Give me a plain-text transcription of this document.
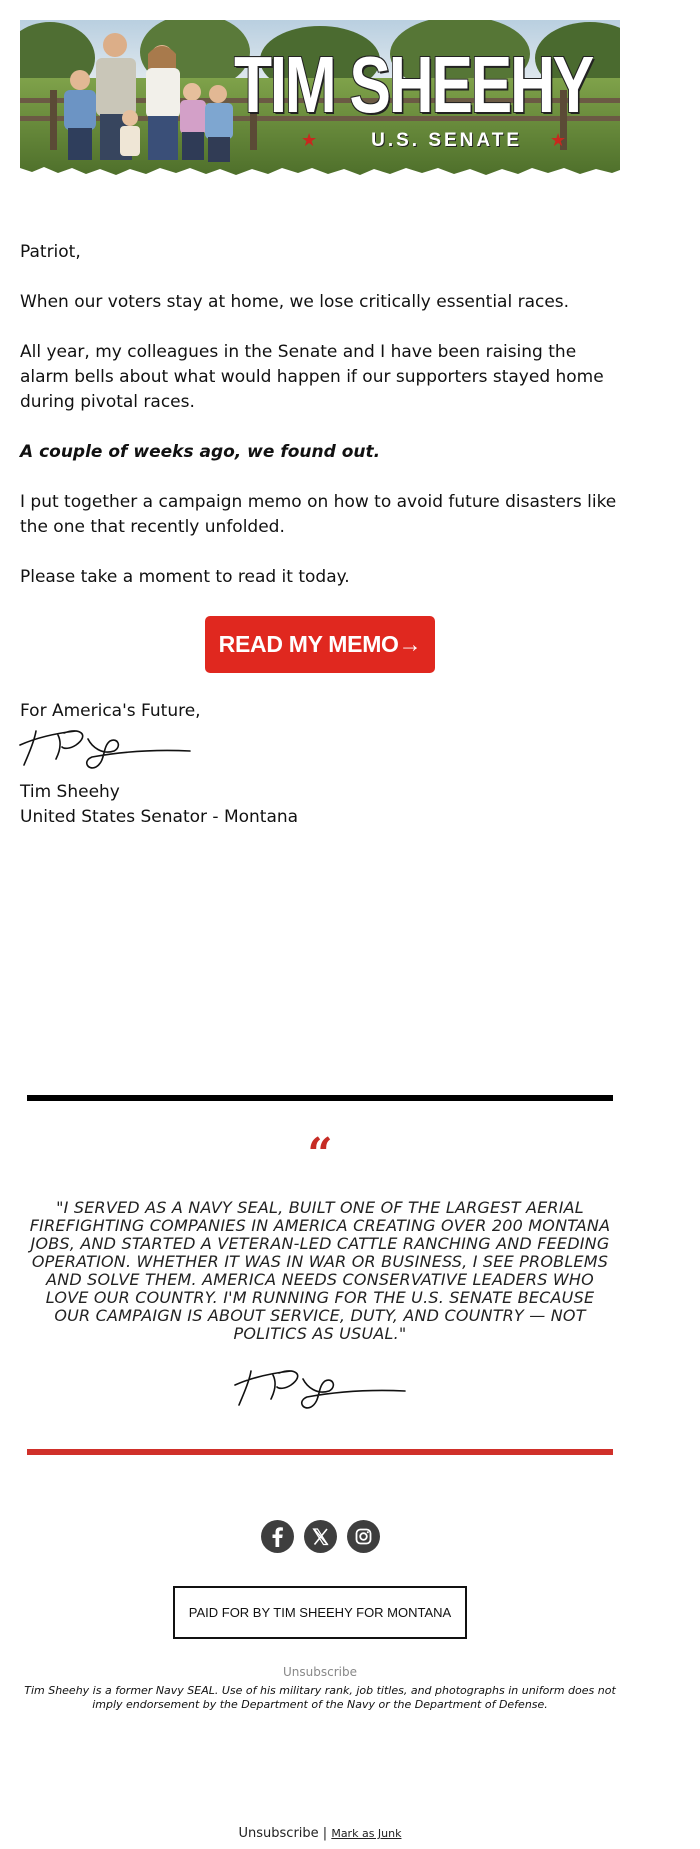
TIM SHEEHY
★	U.S. SENATE ★

Patriot,

When our voters stay at home, we lose critically essential races.

All year, my colleagues in the Senate and I have been raising the alarm bells about what would happen if our supporters stayed home during pivotal races.

A couple of weeks ago, we found out.

I put together a campaign memo on how to avoid future disasters like the one that recently unfolded.

Please take a moment to read it today.

READ MY MEMO→
For America's Future,
Tim Sheehy
United States Senator - Montana
“
"I SERVED AS A NAVY SEAL, BUILT ONE OF THE LARGEST AERIAL FIREFIGHTING COMPANIES IN AMERICA CREATING OVER 200 MONTANA JOBS, AND STARTED A VETERAN-LED CATTLE RANCHING AND FEEDING OPERATION. WHETHER IT WAS IN WAR OR BUSINESS, I SEE PROBLEMS AND SOLVE THEM. AMERICA NEEDS CONSERVATIVE LEADERS WHO LOVE OUR COUNTRY. I'M RUNNING FOR THE U.S. SENATE BECAUSE OUR CAMPAIGN IS ABOUT SERVICE, DUTY, AND COUNTRY — NOT POLITICS AS USUAL."
PAID FOR BY TIM SHEEHY FOR MONTANA
Unsubscribe
Tim Sheehy is a former Navy SEAL. Use of his military rank, job titles, and photographs in uniform does not imply endorsement by the Department of the Navy or the Department of Defense.
Unsubscribe | Mark as Junk
